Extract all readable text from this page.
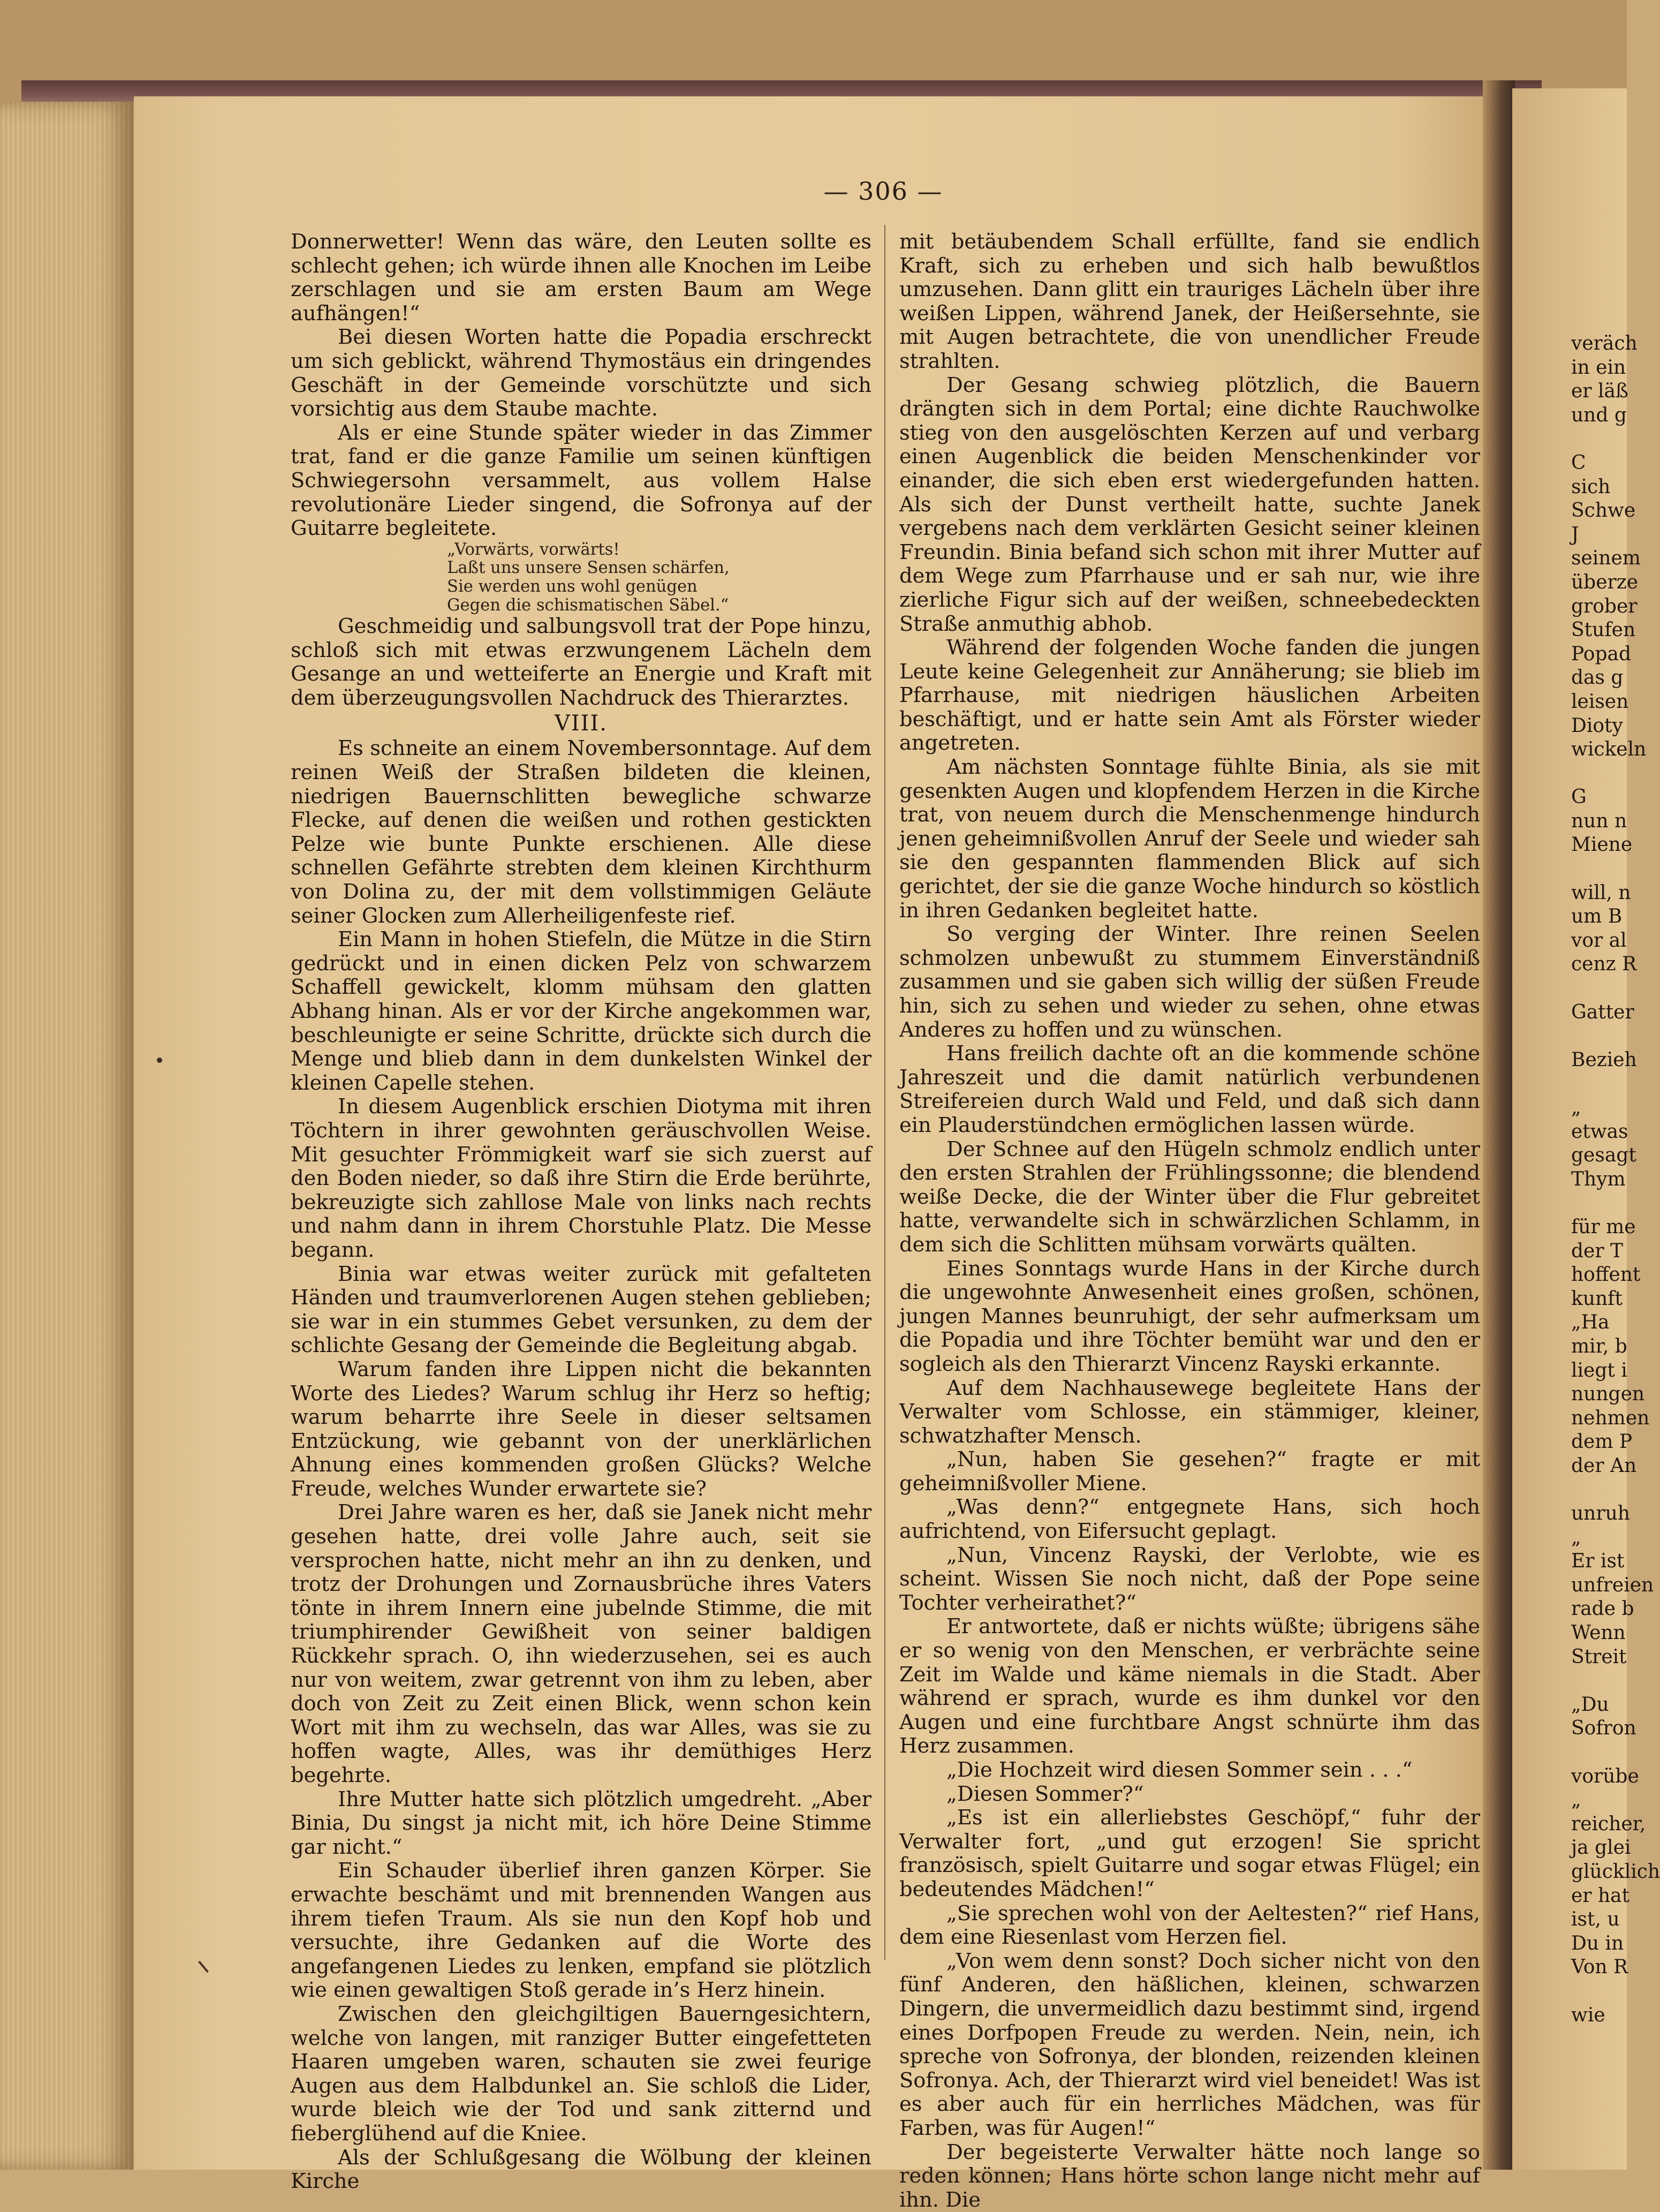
veräch
in ein
er läß
und g
C
sich
Schwe
J
seinem
überze
grober
Stufen
Popad
das g
leisen
Dioty
wickeln
G
nun n
Miene
will, n
um B
vor al
cenz R
Gatter
Bezieh
„
etwas
gesagt
Thym
für me
der T
hoffent
kunft
„Ha
mir, b
liegt i
nungen
nehmen
dem P
der An
unruh
„
Er ist
unfreien
rade b
Wenn
Streit
„Du
Sofron
vorübe
„
reicher,
ja glei
glücklich
er hat
ist, u
Du in
Von R
wie
— 306 —

Donnerwetter! Wenn das wäre, den Leuten sollte es schlecht gehen; ich würde ihnen alle Knochen im Leibe zerschlagen und sie am ersten Baum am Wege aufhängen!“

Bei diesen Worten hatte die Popadia erschreckt um sich geblickt, während Thymostäus ein dringendes Geschäft in der Gemeinde vorschützte und sich vorsichtig aus dem Staube machte.

Als er eine Stunde später wieder in das Zimmer trat, fand er die ganze Familie um seinen künftigen Schwiegersohn versammelt, aus vollem Halse revolutionäre Lieder singend, die Sofronya auf der Guitarre begleitete.

„Vorwärts, vorwärts!
Laßt uns unsere Sensen schärfen,
Sie werden uns wohl genügen
Gegen die schismatischen Säbel.“

Geschmeidig und salbungsvoll trat der Pope hinzu, schloß sich mit etwas erzwungenem Lächeln dem Gesange an und wetteiferte an Energie und Kraft mit dem überzeugungsvollen Nachdruck des Thierarztes.

VIII.

Es schneite an einem Novembersonntage. Auf dem reinen Weiß der Straßen bildeten die kleinen, niedrigen Bauernschlitten bewegliche schwarze Flecke, auf denen die weißen und rothen gestickten Pelze wie bunte Punkte erschienen. Alle diese schnellen Gefährte strebten dem kleinen Kirchthurm von Dolina zu, der mit dem vollstimmigen Geläute seiner Glocken zum Allerheiligenfeste rief.

Ein Mann in hohen Stiefeln, die Mütze in die Stirn gedrückt und in einen dicken Pelz von schwarzem Schaffell gewickelt, klomm mühsam den glatten Abhang hinan. Als er vor der Kirche angekommen war, beschleunigte er seine Schritte, drückte sich durch die Menge und blieb dann in dem dunkelsten Winkel der kleinen Capelle stehen.

In diesem Augenblick erschien Diotyma mit ihren Töchtern in ihrer gewohnten geräuschvollen Weise. Mit gesuchter Frömmigkeit warf sie sich zuerst auf den Boden nieder, so daß ihre Stirn die Erde berührte, bekreuzigte sich zahllose Male von links nach rechts und nahm dann in ihrem Chorstuhle Platz. Die Messe begann.

Binia war etwas weiter zurück mit gefalteten Händen und traumverlorenen Augen stehen geblieben; sie war in ein stummes Gebet versunken, zu dem der schlichte Gesang der Gemeinde die Begleitung abgab.

Warum fanden ihre Lippen nicht die bekannten Worte des Liedes? Warum schlug ihr Herz so heftig; warum beharrte ihre Seele in dieser seltsamen Entzückung, wie gebannt von der unerklärlichen Ahnung eines kommenden großen Glücks? Welche Freude, welches Wunder erwartete sie?

Drei Jahre waren es her, daß sie Janek nicht mehr gesehen hatte, drei volle Jahre auch, seit sie versprochen hatte, nicht mehr an ihn zu denken, und trotz der Drohungen und Zornausbrüche ihres Vaters tönte in ihrem Innern eine jubelnde Stimme, die mit triumphirender Gewißheit von seiner baldigen Rückkehr sprach. O, ihn wiederzusehen, sei es auch nur von weitem, zwar getrennt von ihm zu leben, aber doch von Zeit zu Zeit einen Blick, wenn schon kein Wort mit ihm zu wechseln, das war Alles, was sie zu hoffen wagte, Alles, was ihr demüthiges Herz begehrte.

Ihre Mutter hatte sich plötzlich umgedreht. „Aber Binia, Du singst ja nicht mit, ich höre Deine Stimme gar nicht.“

Ein Schauder überlief ihren ganzen Körper. Sie erwachte beschämt und mit brennenden Wangen aus ihrem tiefen Traum. Als sie nun den Kopf hob und versuchte, ihre Gedanken auf die Worte des angefangenen Liedes zu lenken, empfand sie plötzlich wie einen gewaltigen Stoß gerade in’s Herz hinein.

Zwischen den gleichgiltigen Bauerngesichtern, welche von langen, mit ranziger Butter eingefetteten Haaren umgeben waren, schauten sie zwei feurige Augen aus dem Halbdunkel an. Sie schloß die Lider, wurde bleich wie der Tod und sank zitternd und fieberglühend auf die Kniee.

Als der Schlußgesang die Wölbung der kleinen Kirche

mit betäubendem Schall erfüllte, fand sie endlich Kraft, sich zu erheben und sich halb bewußtlos umzusehen. Dann glitt ein trauriges Lächeln über ihre weißen Lippen, während Janek, der Heißersehnte, sie mit Augen betrachtete, die von unendlicher Freude strahlten.

Der Gesang schwieg plötzlich, die Bauern drängten sich in dem Portal; eine dichte Rauchwolke stieg von den ausgelöschten Kerzen auf und verbarg einen Augenblick die beiden Menschenkinder vor einander, die sich eben erst wiedergefunden hatten. Als sich der Dunst vertheilt hatte, suchte Janek vergebens nach dem verklärten Gesicht seiner kleinen Freundin. Binia befand sich schon mit ihrer Mutter auf dem Wege zum Pfarrhause und er sah nur, wie ihre zierliche Figur sich auf der weißen, schneebedeckten Straße anmuthig abhob.

Während der folgenden Woche fanden die jungen Leute keine Gelegenheit zur Annäherung; sie blieb im Pfarrhause, mit niedrigen häuslichen Arbeiten beschäftigt, und er hatte sein Amt als Förster wieder angetreten.

Am nächsten Sonntage fühlte Binia, als sie mit gesenkten Augen und klopfendem Herzen in die Kirche trat, von neuem durch die Menschenmenge hindurch jenen geheimnißvollen Anruf der Seele und wieder sah sie den gespannten flammenden Blick auf sich gerichtet, der sie die ganze Woche hindurch so köstlich in ihren Gedanken begleitet hatte.

So verging der Winter. Ihre reinen Seelen schmolzen unbewußt zu stummem Einverständniß zusammen und sie gaben sich willig der süßen Freude hin, sich zu sehen und wieder zu sehen, ohne etwas Anderes zu hoffen und zu wünschen.

Hans freilich dachte oft an die kommende schöne Jahreszeit und die damit natürlich verbundenen Streifereien durch Wald und Feld, und daß sich dann ein Plauderstündchen ermöglichen lassen würde.

Der Schnee auf den Hügeln schmolz endlich unter den ersten Strahlen der Frühlingssonne; die blendend weiße Decke, die der Winter über die Flur gebreitet hatte, verwandelte sich in schwärzlichen Schlamm, in dem sich die Schlitten mühsam vorwärts quälten.

Eines Sonntags wurde Hans in der Kirche durch die ungewohnte Anwesenheit eines großen, schönen, jungen Mannes beunruhigt, der sehr aufmerksam um die Popadia und ihre Töchter bemüht war und den er sogleich als den Thierarzt Vincenz Rayski erkannte.

Auf dem Nachhausewege begleitete Hans der Verwalter vom Schlosse, ein stämmiger, kleiner, schwatzhafter Mensch.

„Nun, haben Sie gesehen?“ fragte er mit geheimnißvoller Miene.

„Was denn?“ entgegnete Hans, sich hoch aufrichtend, von Eifersucht geplagt.

„Nun, Vincenz Rayski, der Verlobte, wie es scheint. Wissen Sie noch nicht, daß der Pope seine Tochter verheirathet?“

Er antwortete, daß er nichts wüßte; übrigens sähe er so wenig von den Menschen, er verbrächte seine Zeit im Walde und käme niemals in die Stadt. Aber während er sprach, wurde es ihm dunkel vor den Augen und eine furchtbare Angst schnürte ihm das Herz zusammen.

„Die Hochzeit wird diesen Sommer sein . . .“

„Diesen Sommer?“

„Es ist ein allerliebstes Geschöpf,“ fuhr der Verwalter fort, „und gut erzogen! Sie spricht französisch, spielt Guitarre und sogar etwas Flügel; ein bedeutendes Mädchen!“

„Sie sprechen wohl von der Aeltesten?“ rief Hans, dem eine Riesenlast vom Herzen fiel.

„Von wem denn sonst? Doch sicher nicht von den fünf Anderen, den häßlichen, kleinen, schwarzen Dingern, die unvermeidlich dazu bestimmt sind, irgend eines Dorfpopen Freude zu werden. Nein, nein, ich spreche von Sofronya, der blonden, reizenden kleinen Sofronya. Ach, der Thierarzt wird viel beneidet! Was ist es aber auch für ein herrliches Mädchen, was für Farben, was für Augen!“

Der begeisterte Verwalter hätte noch lange so reden können; Hans hörte schon lange nicht mehr auf ihn. Die
